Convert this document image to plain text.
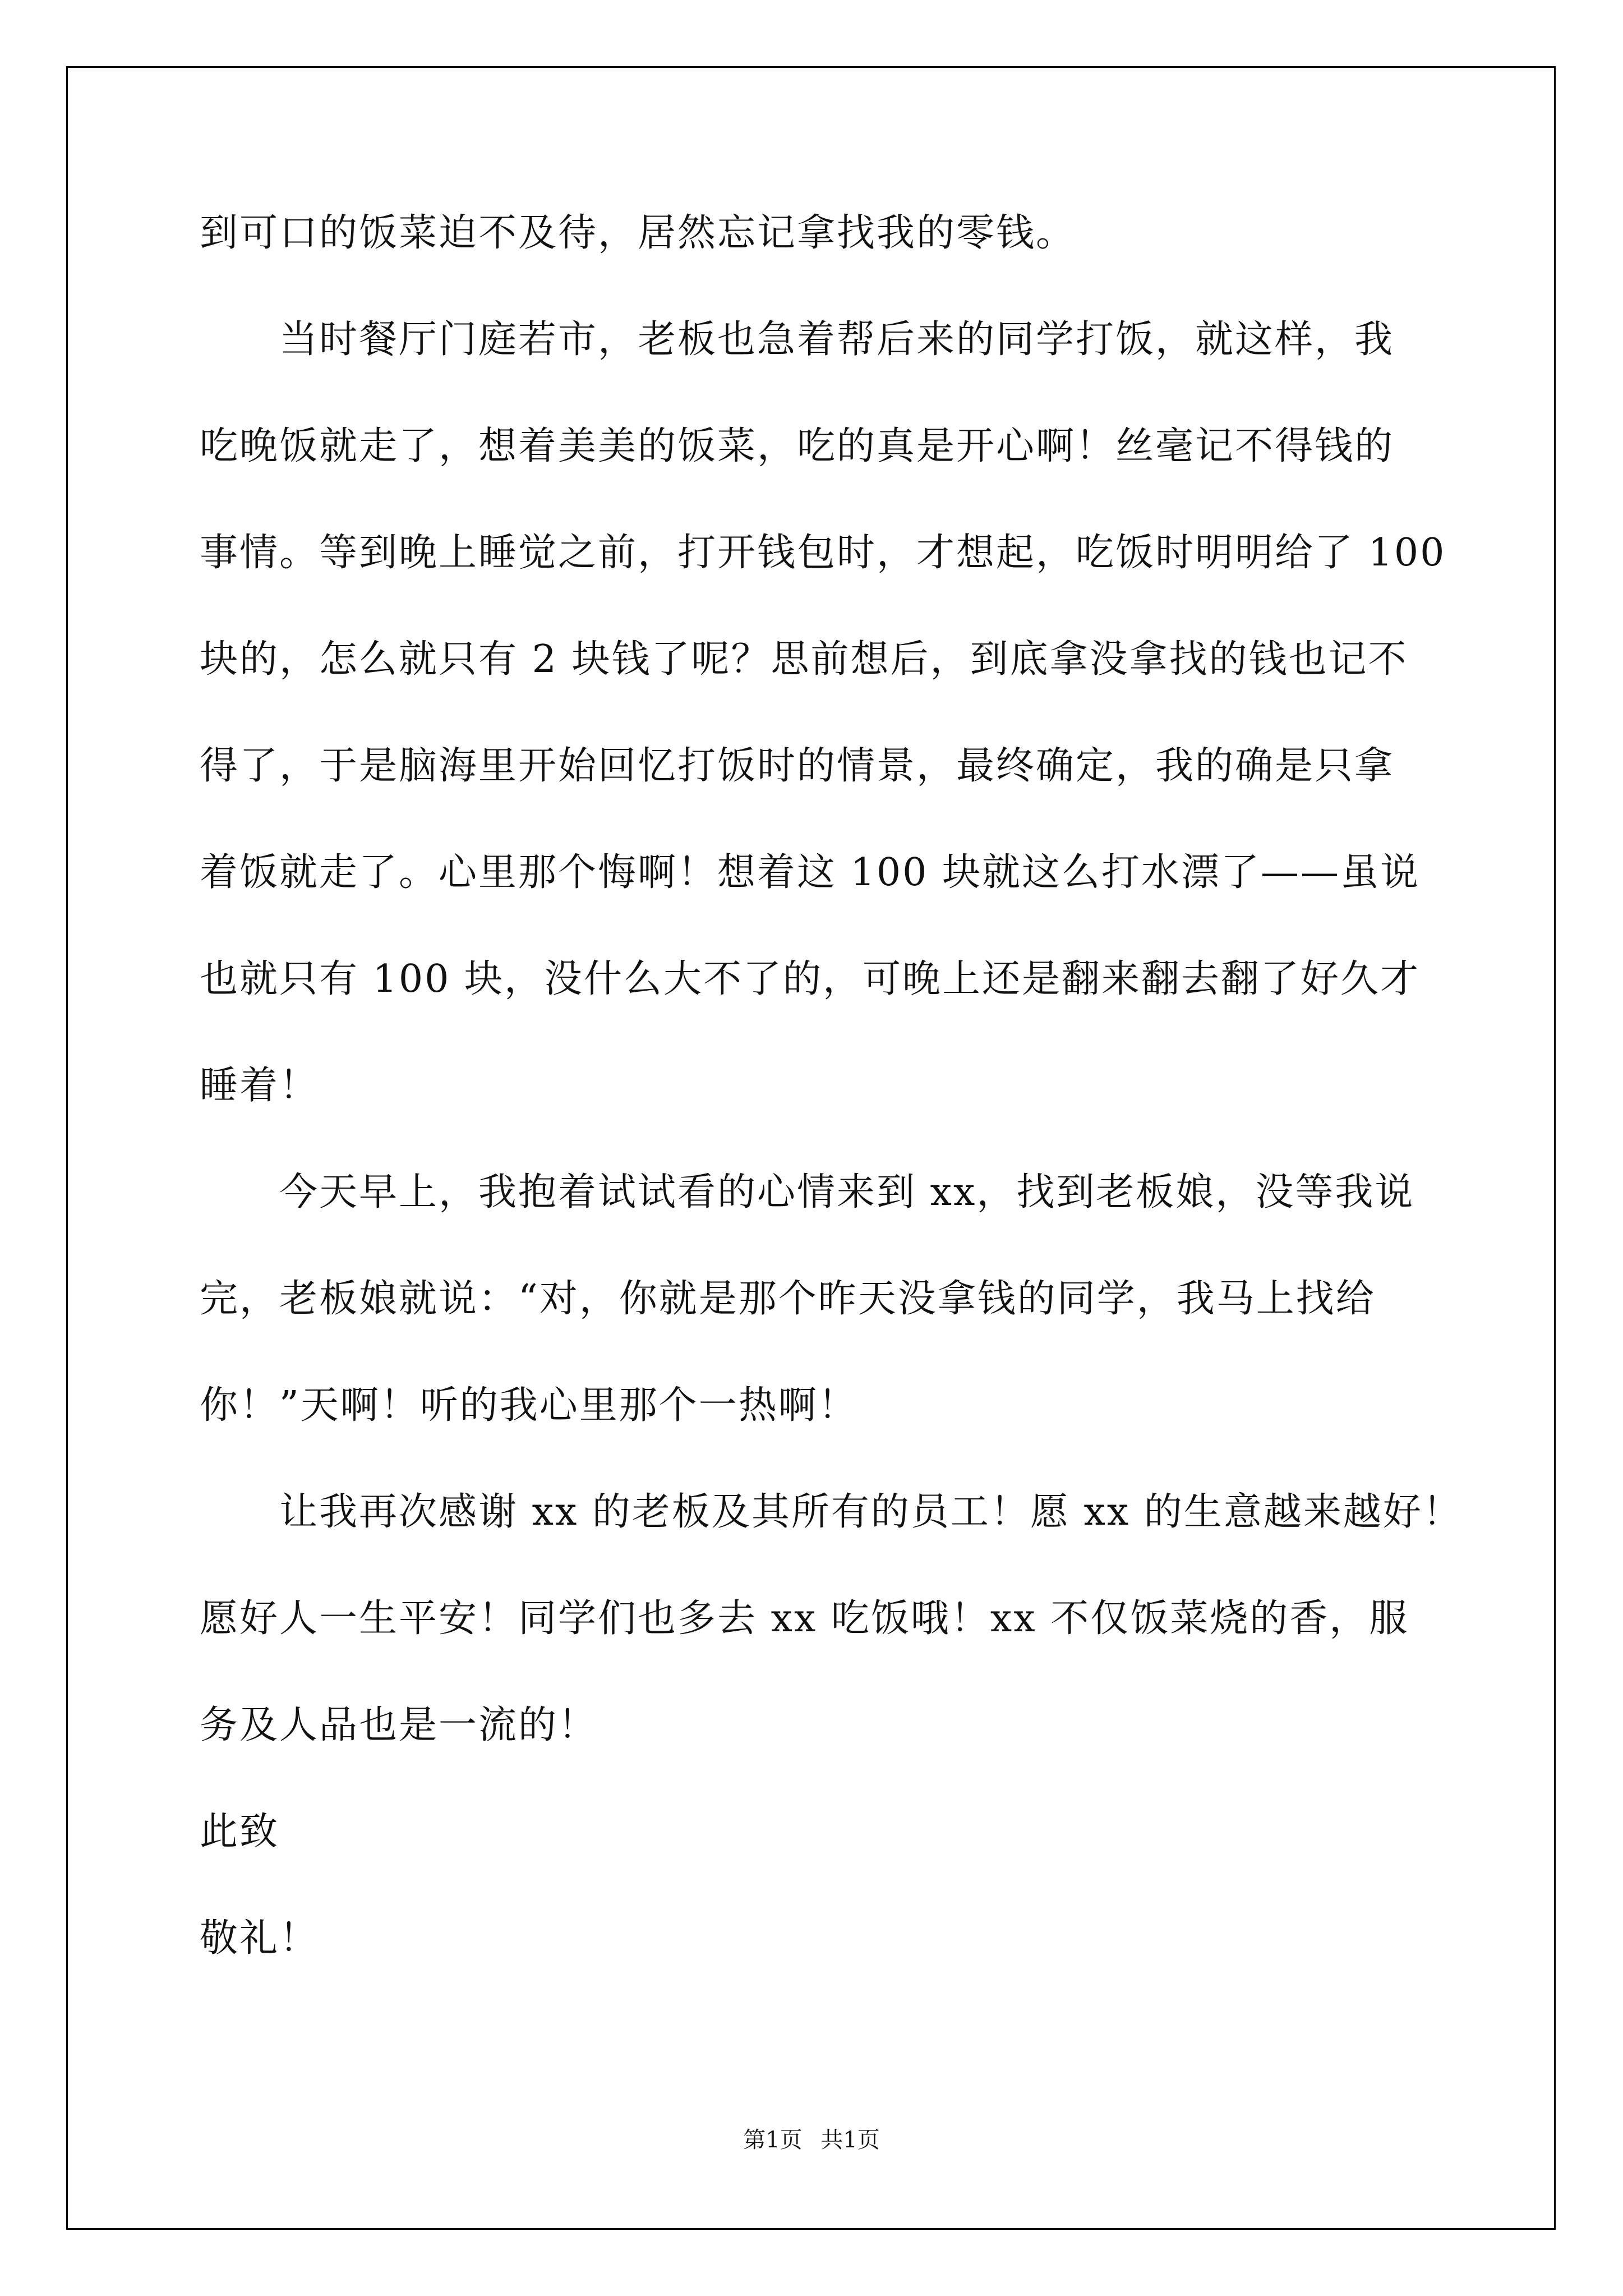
到可口的饭菜迫不及待，居然忘记拿找我的零钱。
　　当时餐厅门庭若市，老板也急着帮后来的同学打饭，就这样，我
吃晚饭就走了，想着美美的饭菜，吃的真是开心啊！丝毫记不得钱的
事情。等到晚上睡觉之前，打开钱包时，才想起，吃饭时明明给了 100
块的，怎么就只有 2 块钱了呢？思前想后，到底拿没拿找的钱也记不
得了，于是脑海里开始回忆打饭时的情景，最终确定，我的确是只拿
着饭就走了。心里那个悔啊！想着这 100 块就这么打水漂了——虽说
也就只有 100 块，没什么大不了的，可晚上还是翻来翻去翻了好久才
睡着！
　　今天早上，我抱着试试看的心情来到 xx，找到老板娘，没等我说
完，老板娘就说：“对，你就是那个昨天没拿钱的同学，我马上找给
你！”天啊！听的我心里那个一热啊！
　　让我再次感谢 xx 的老板及其所有的员工！愿 xx 的生意越来越好！
愿好人一生平安！同学们也多去 xx 吃饭哦！xx 不仅饭菜烧的香，服
务及人品也是一流的！
此致
敬礼！
第1页 共1页
